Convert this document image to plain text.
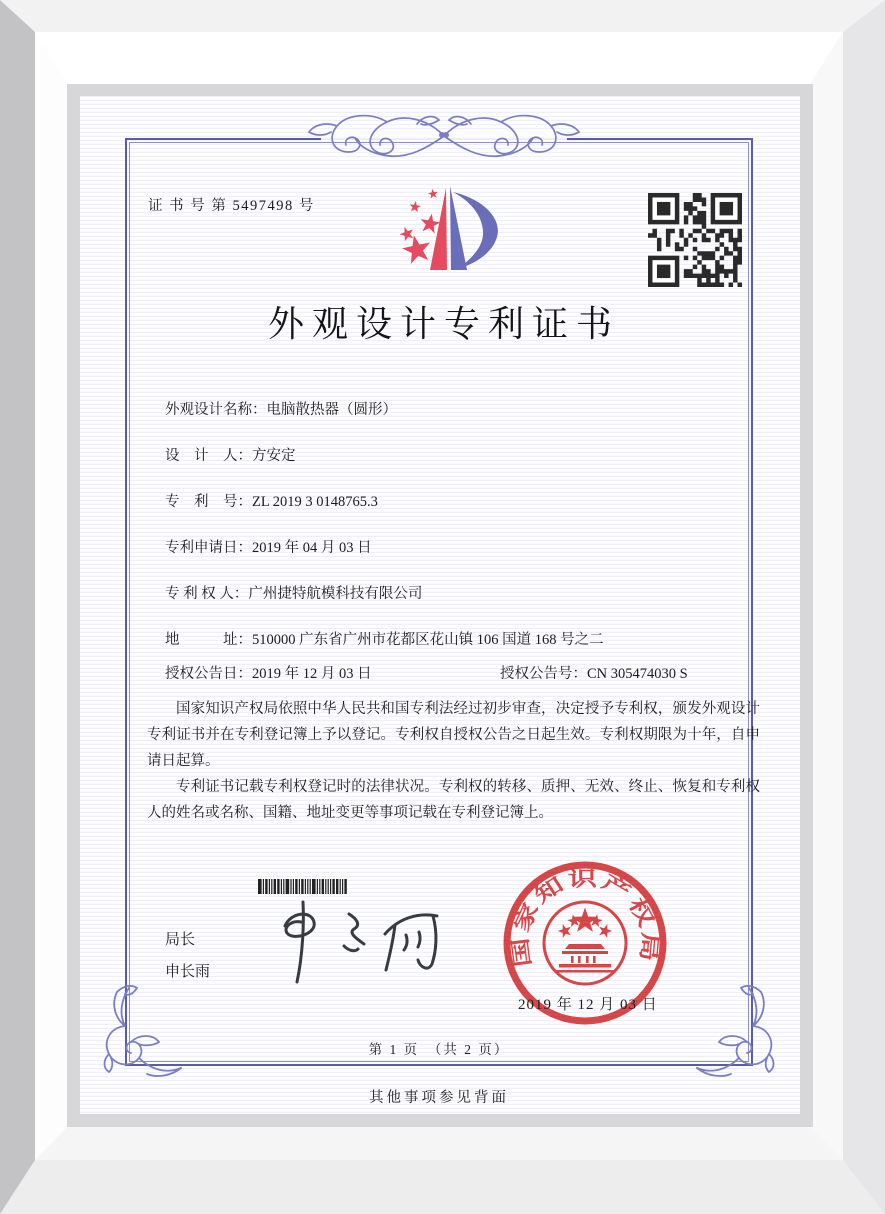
证 书 号 第 5497498 号
外观设计专利证书
外观设计名称：电脑散热器（圆形）
设　计　人：方安定
专　利　号：ZL 2019 3 0148765.3
专利申请日：2019 年 04 月 03 日
专 利 权 人：广州捷特航模科技有限公司
地　　　址：510000 广东省广州市花都区花山镇 106 国道 168 号之二
授权公告日：2019 年 12 月 03 日	授权公告号：CN 305474030 S

国家知识产权局依照中华人民共和国专利法经过初步审查，决定授予专利权，颁发外观设计专利证书并在专利登记簿上予以登记。专利权自授权公告之日起生效。专利权期限为十年，自申请日起算。

专利证书记载专利权登记时的法律状况。专利权的转移、质押、无效、终止、恢复和专利权人的姓名或名称、国籍、地址变更等事项记载在专利登记簿上。

局长
申长雨
国家知识产权局
2019 年 12 月 03 日
第 1 页　（共 2 页）
其他事项参见背面
